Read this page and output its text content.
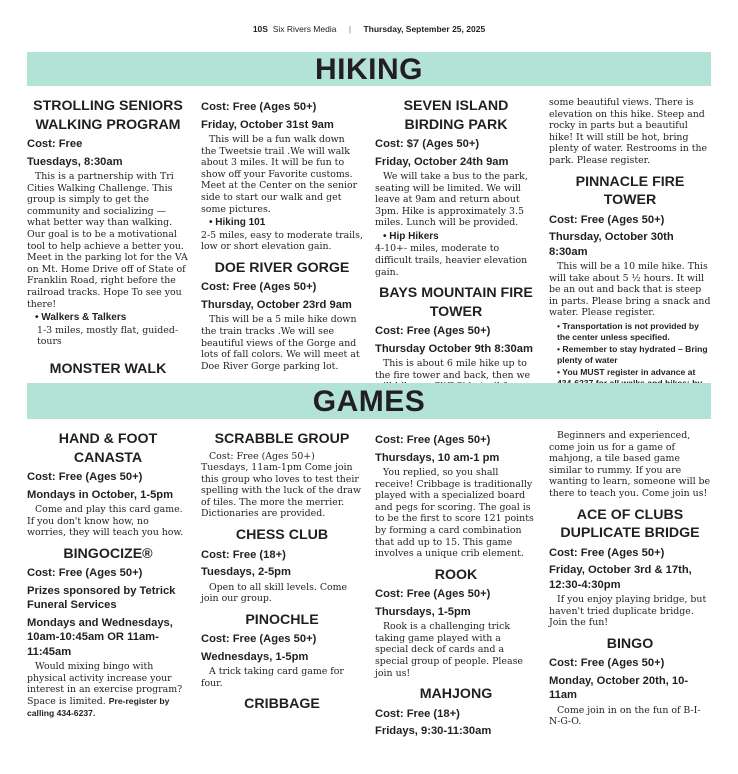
10S Six Rivers Media | Thursday, September 25, 2025
HIKING
STROLLING SENIORS WALKING PROGRAM
Cost: Free
Tuesdays, 8:30am

This is a partnership with Tri Cities Walking Challenge. This group is simply to get the community and socializing — what better way than walking. Our goal is to be a motivational tool to help achieve a better you. Meet in the parking lot for the VA on Mt. Home Drive off of State of Franklin Road, right before the railroad tracks. Hope To see you there!

• Walkers & Talkers

1-3 miles, mostly flat, guided-tours

MONSTER WALK
Cost: Free (Ages 50+)
Friday, October 31st 9am

This will be a fun walk down the Tweetsie trail .We will walk about 3 miles. It will be fun to show off your Favorite customs. Meet at the Center on the senior side to start our walk and get some pictures.

• Hiking 101

2-5 miles, easy to moderate trails, low or short elevation gain.

DOE RIVER GORGE
Cost: Free (Ages 50+)
Thursday, October 23rd 9am

This will be a 5 mile hike down the train tracks .We will see beautiful views of the Gorge and lots of fall colors. We will meet at Doe River Gorge parking lot.

SEVEN ISLAND BIRDING PARK
Cost: $7 (Ages 50+)
Friday, October 24th 9am

We will take a bus to the park, seating will be limited. We will leave at 9am and return about 3pm. Hike is approximately 3.5 miles. Lunch will be provided.

• Hip Hikers

4-10+- miles, moderate to difficult trails, heavier elevation gain.

BAYS MOUNTAIN FIRE TOWER
Cost: Free (Ages 50+)
Thursday October 9th 8:30am

This is about 6 mile hike up to the fire tower and back, then we

some beautiful views. There is elevation on this hike. Steep and rocky in parts but a beautiful hike! It will still be hot, bring plenty of water. Restrooms in the park. Please register.

PINNACLE FIRE TOWER
Cost: Free (Ages 50+)
Thursday, October 30th 8:30am

This will be a 10 mile hike. This will take about 5 ½ hours. It will be an out and back that is steep in parts. Please bring a snack and water. Please register.

• Transportation is not provided by the center unless specified.

• Remember to stay hydrated – Bring plenty of water

• You MUST register in advance at

GAMES
HAND & FOOT CANASTA
Cost: Free (Ages 50+)
Mondays in October, 1-5pm

Come and play this card game. If you don't know how, no worries, they will teach you how.

BINGOCIZE®
Cost: Free (Ages 50+)
Prizes sponsored by Tetrick Funeral Services
Mondays and Wednesdays, 10am-10:45am OR 11am-11:45am

Would mixing bingo with physical activity increase your interest in an exercise program? Space is limited. Pre-register by calling 434-6237.

SCRABBLE GROUP

Cost: Free (Ages 50+) Tuesdays, 11am-1pm Come join this group who loves to test their spelling with the luck of the draw of tiles. The more the merrier. Dictionaries are provided.

CHESS CLUB
Cost: Free (18+)
Tuesdays, 2-5pm

Open to all skill levels. Come join our group.

PINOCHLE
Cost: Free (Ages 50+)
Wednesdays, 1-5pm

A trick taking card game for four.

CRIBBAGE
Cost: Free (Ages 50+)
Thursdays, 10 am-1 pm

You replied, so you shall receive! Cribbage is traditionally played with a specialized board and pegs for scoring. The goal is to be the first to score 121 points by forming a card combination that add up to 15. This game involves a unique crib element.

ROOK
Cost: Free (Ages 50+)
Thursdays, 1-5pm

Rook is a challenging trick taking game played with a special deck of cards and a special group of people. Please join us!

MAHJONG
Cost: Free (18+)
Fridays, 9:30-11:30am

Beginners and experienced, come join us for a game of mahjong, a tile based game similar to rummy. If you are wanting to learn, someone will be there to teach you. Come join us!

ACE OF CLUBS DUPLICATE BRIDGE
Cost: Free (Ages 50+)
Friday, October 3rd & 17th, 12:30-4:30pm

If you enjoy playing bridge, but haven't tried duplicate bridge. Join the fun!

BINGO
Cost: Free (Ages 50+)
Monday, October 20th, 10-11am

Come join in on the fun of B-I-N-G-O.
